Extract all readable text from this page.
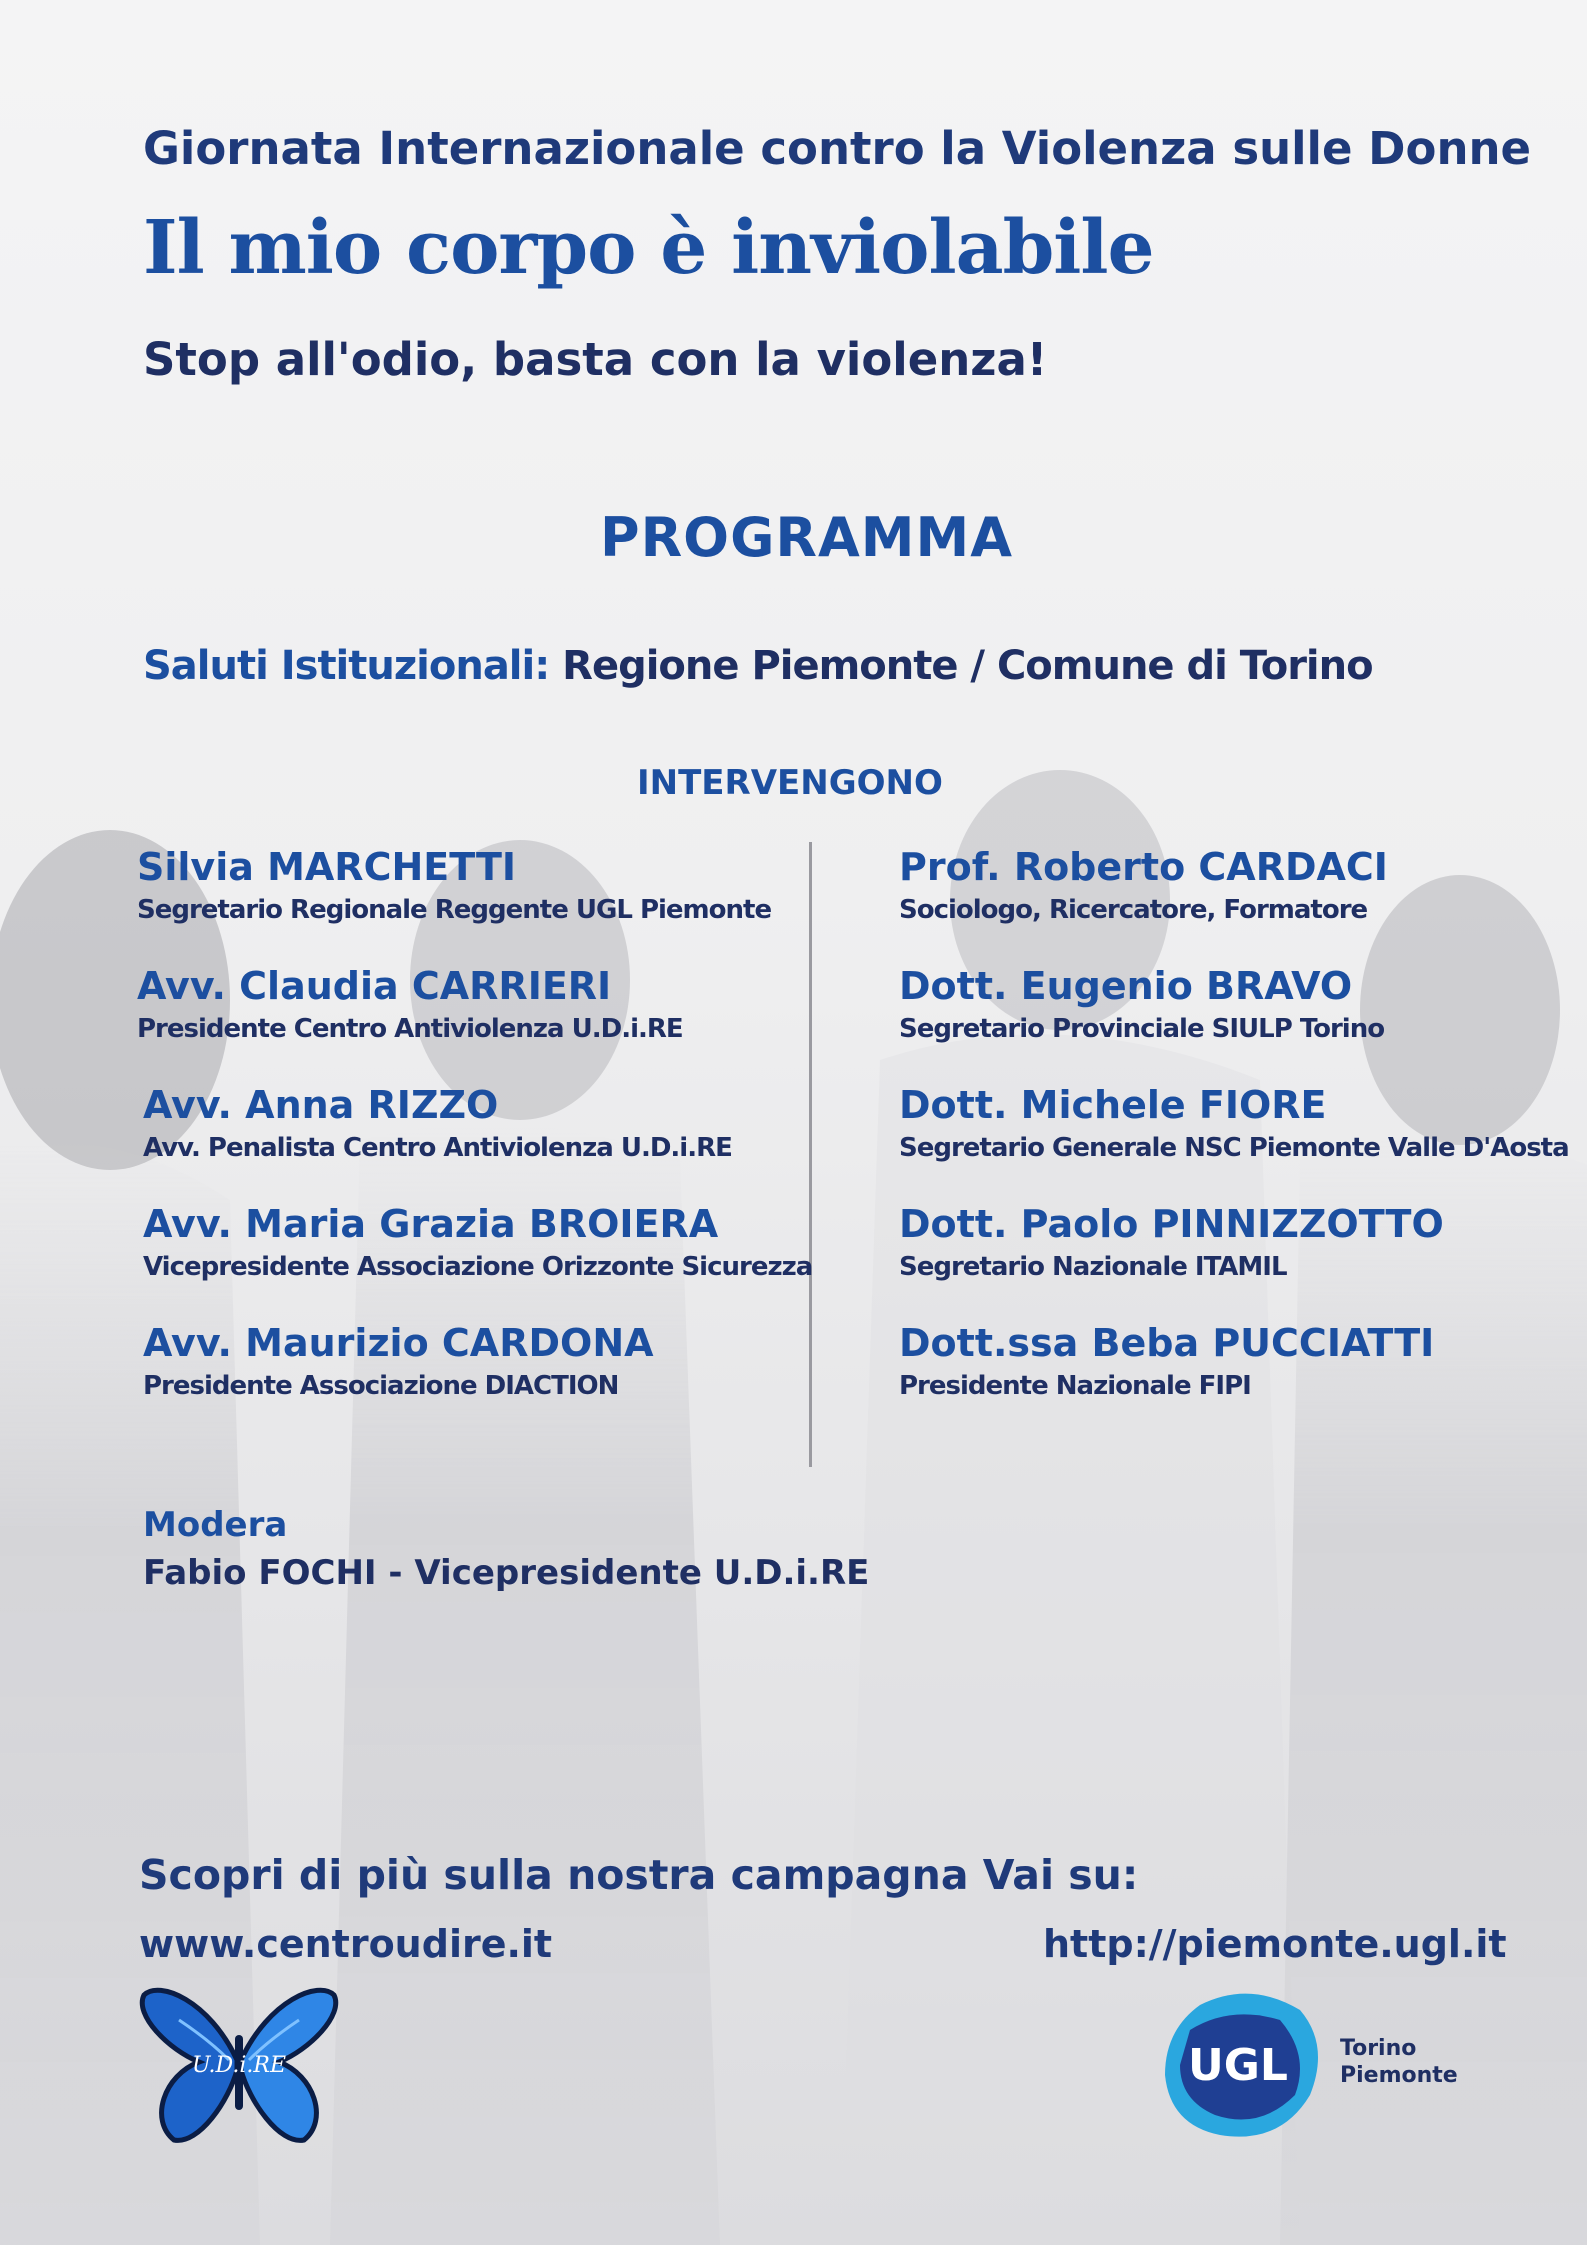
Giornata Internazionale contro la Violenza sulle Donne
Il mio corpo è inviolabile
Stop all'odio, basta con la violenza!
PROGRAMMA
Saluti Istituzionali: Regione Piemonte / Comune di Torino
INTERVENGONO
Silvia MARCHETTI
Segretario Regionale Reggente UGL Piemonte
Avv. Claudia CARRIERI
Presidente Centro Antiviolenza U.D.i.RE
Avv. Anna RIZZO
Avv. Penalista Centro Antiviolenza U.D.i.RE
Avv. Maria Grazia BROIERA
Vicepresidente Associazione Orizzonte Sicurezza
Avv. Maurizio CARDONA
Presidente Associazione DIACTION
Prof. Roberto CARDACI
Sociologo, Ricercatore, Formatore
Dott. Eugenio BRAVO
Segretario Provinciale SIULP Torino
Dott. Michele FIORE
Segretario Generale NSC Piemonte Valle D'Aosta
Dott. Paolo PINNIZZOTTO
Segretario Nazionale ITAMIL
Dott.ssa Beba PUCCIATTI
Presidente Nazionale FIPI
Modera
Fabio FOCHI - Vicepresidente U.D.i.RE
Scopri di più sulla nostra campagna Vai su:
www.centroudire.it	http://piemonte.ugl.it
U.D.i.RE	UGL Torino
Piemonte
